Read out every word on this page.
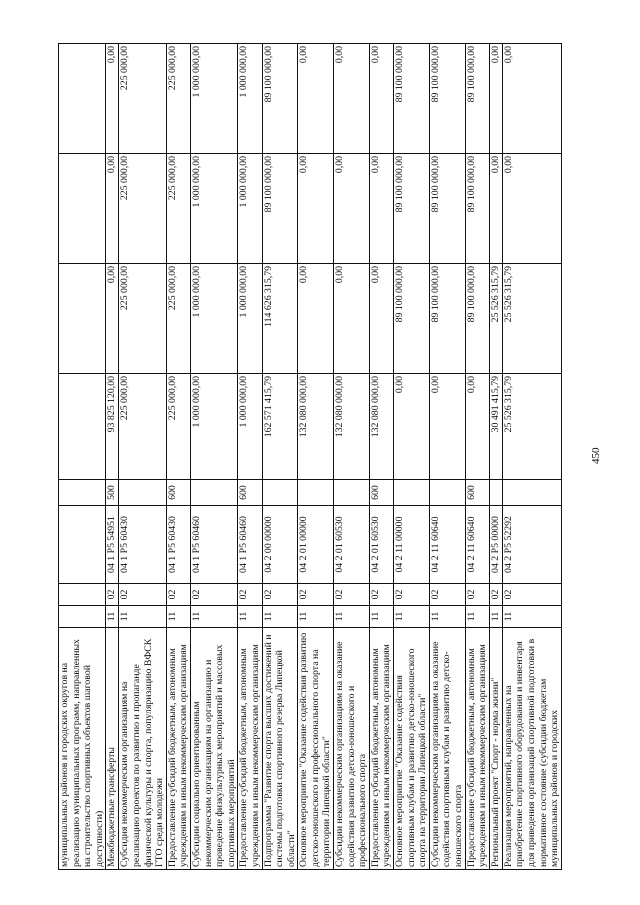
450
муниципальных районов и городских округов на реализацию муниципальных программ, направленных на строительство спортивных объектов шаговой доступности)								
Межбюджетные трансферты	11	02	04 1 P5 54951	500	93 825 120,00	0,00	0,00	0,00
Субсидия некоммерческим организациям на реализацию проектов по развитию и пропаганде физической культуры и спорта, популяризацию ВФСК ГТО среди молодежи	11	02	04 1 P5 60430		225 000,00	225 000,00	225 000,00	225 000,00
Предоставление субсидий бюджетным, автономным учреждениям и иным некоммерческим организациям	11	02	04 1 P5 60430	600	225 000,00	225 000,00	225 000,00	225 000,00
Субсидии социально ориентированным некоммерческим организациям на организацию и проведение физкультурных мероприятий и массовых спортивных мероприятий	11	02	04 1 P5 60460		1 000 000,00	1 000 000,00	1 000 000,00	1 000 000,00
Предоставление субсидий бюджетным, автономным учреждениям и иным некоммерческим организациям	11	02	04 1 P5 60460	600	1 000 000,00	1 000 000,00	1 000 000,00	1 000 000,00
Подпрограмма "Развитие спорта высших достижений и системы подготовки спортивного резерва Липецкой области"	11	02	04 2 00 00000		162 571 415,79	114 626 315,79	89 100 000,00	89 100 000,00
Основное мероприятие "Оказание содействия развитию детско-юношеского и профессионального спорта на территории Липецкой области"	11	02	04 2 01 00000		132 080 000,00	0,00	0,00	0,00
Субсидии некоммерческим организациям на оказание содействия развитию детско-юношеского и профессионального спорта	11	02	04 2 01 60530		132 080 000,00	0,00	0,00	0,00
Предоставление субсидий бюджетным, автономным учреждениям и иным некоммерческим организациям	11	02	04 2 01 60530	600	132 080 000,00	0,00	0,00	0,00
Основное мероприятие "Оказание содействия спортивным клубам и развитию детско-юношеского спорта на территории Липецкой области"	11	02	04 2 11 00000		0,00	89 100 000,00	89 100 000,00	89 100 000,00
Субсидии некоммерческим организациям на оказание содействия спортивным клубам и развитию детско-юношеского спорта	11	02	04 2 11 60640		0,00	89 100 000,00	89 100 000,00	89 100 000,00
Предоставление субсидий бюджетным, автономным учреждениям и иным некоммерческим организациям	11	02	04 2 11 60640	600	0,00	89 100 000,00	89 100 000,00	89 100 000,00
Региональный проект "Спорт - норма жизни"	11	02	04 2 P5 00000		30 491 415,79	25 526 315,79	0,00	0,00
Реализация мероприятий, направленных на приобретение спортивного оборудования и инвентаря для приведения организаций спортивной подготовки в нормативное состояние (субсидии бюджетам муниципальных районов и городских	11	02	04 2 P5 52292		25 526 315,79	25 526 315,79	0,00	0,00
